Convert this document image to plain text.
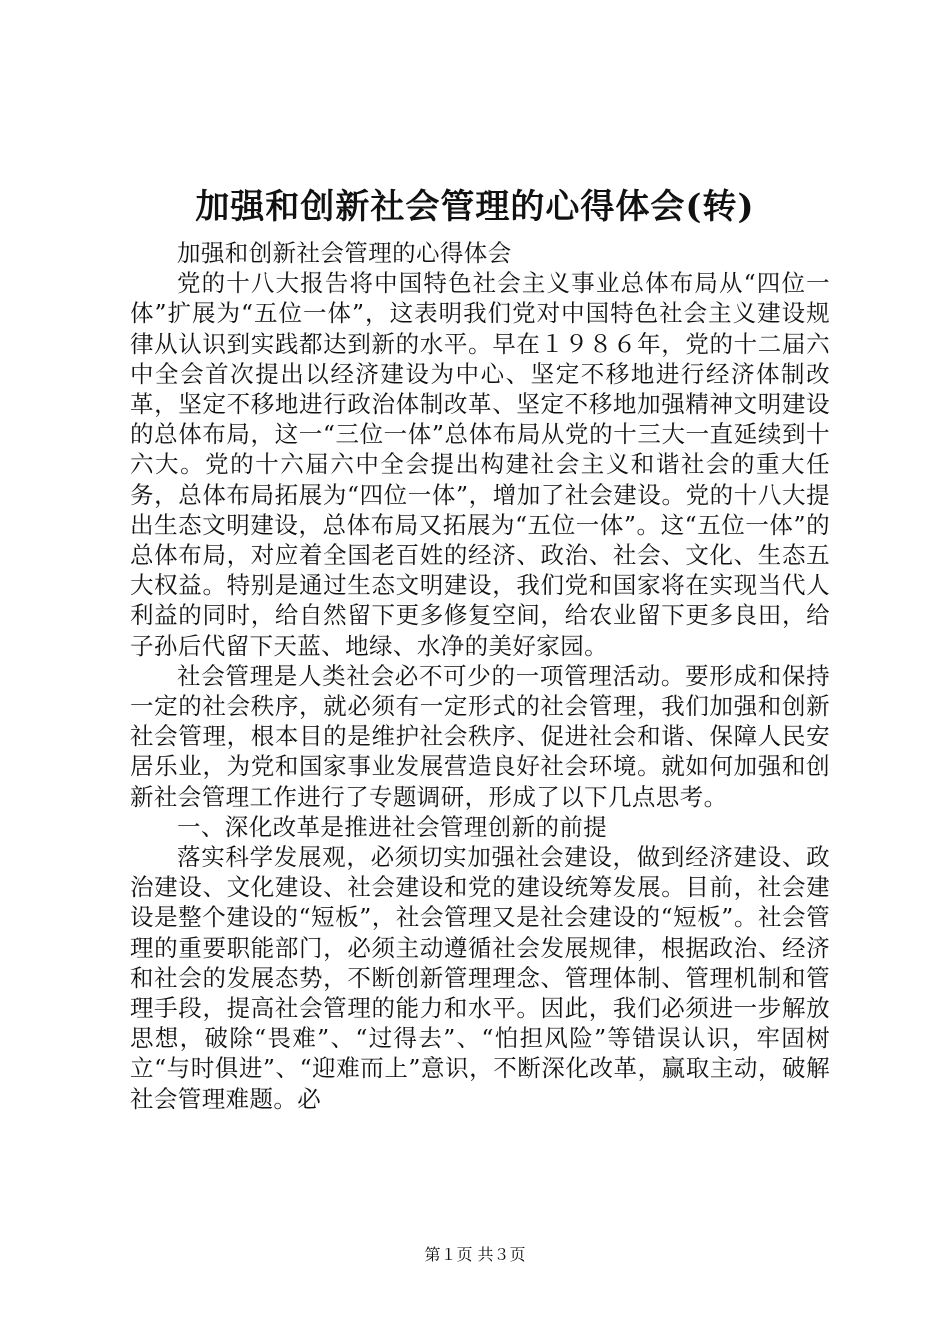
加强和创新社会管理的心得体会(转)

加强和创新社会管理的心得体会

党的十八大报告将中国特色社会主义事业总体布局从“四位一体”扩展为“五位一体”，这表明我们党对中国特色社会主义建设规律从认识到实践都达到新的水平。早在１９８６年，党的十二届六中全会首次提出以经济建设为中心、坚定不移地进行经济体制改革，坚定不移地进行政治体制改革、坚定不移地加强精神文明建设的总体布局，这一“三位一体”总体布局从党的十三大一直延续到十六大。党的十六届六中全会提出构建社会主义和谐社会的重大任务，总体布局拓展为“四位一体”，增加了社会建设。党的十八大提出生态文明建设，总体布局又拓展为“五位一体”。这“五位一体”的总体布局，对应着全国老百姓的经济、政治、社会、文化、生态五大权益。特别是通过生态文明建设，我们党和国家将在实现当代人利益的同时，给自然留下更多修复空间，给农业留下更多良田，给子孙后代留下天蓝、地绿、水净的美好家园。

社会管理是人类社会必不可少的一项管理活动。要形成和保持一定的社会秩序，就必须有一定形式的社会管理，我们加强和创新社会管理，根本目的是维护社会秩序、促进社会和谐、保障人民安居乐业，为党和国家事业发展营造良好社会环境。就如何加强和创新社会管理工作进行了专题调研，形成了以下几点思考。

一、深化改革是推进社会管理创新的前提

落实科学发展观，必须切实加强社会建设，做到经济建设、政治建设、文化建设、社会建设和党的建设统筹发展。目前，社会建设是整个建设的“短板”，社会管理又是社会建设的“短板”。社会管理的重要职能部门，必须主动遵循社会发展规律，根据政治、经济和社会的发展态势，不断创新管理理念、管理体制、管理机制和管理手段，提高社会管理的能力和水平。因此，我们必须进一步解放思想，破除“畏难”、“过得去”、“怕担风险”等错误认识，牢固树立“与时俱进”、“迎难而上”意识，不断深化改革，赢取主动，破解社会管理难题。必

第１页 共３页
